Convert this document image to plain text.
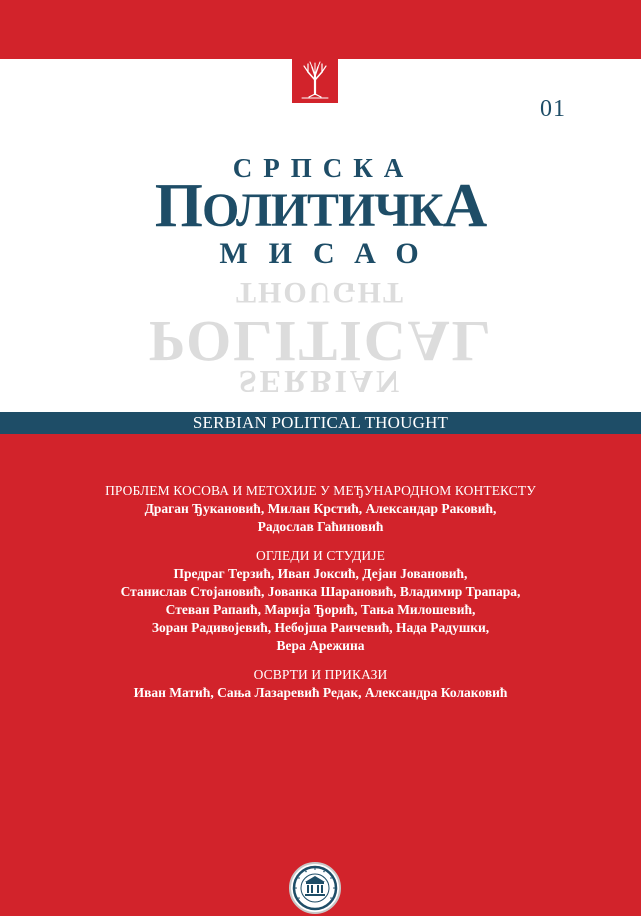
01
СРПСКА
ПОЛИТИЧКА
МИСАО
THOUGHT
POLITICAL
SERBIAN
SERBIAN POLITICAL THOUGHT
ПРОБЛЕМ КОСОВА И МЕТОХИЈЕ У МЕЂУНАРОДНОМ КОНТЕКСТУ
Драган Ђукановић, Милан Крстић, Александар Раковић,
Радослав Гаћиновић
ОГЛЕДИ И СТУДИЈЕ
Предраг Терзић, Иван Јоксић, Дејан Јовановић,
Станислав Стојановић, Јованка Шарановић, Владимир Трапара,
Стеван Рапаић, Марија Ђорић, Тања Милошевић,
Зоран Радивојевић, Небојша Раичевић, Нада Радушки,
Вера Арежина
ОСВРТИ И ПРИКАЗИ
Иван Матић, Сања Лазаревић Редак, Александра Колаковић
